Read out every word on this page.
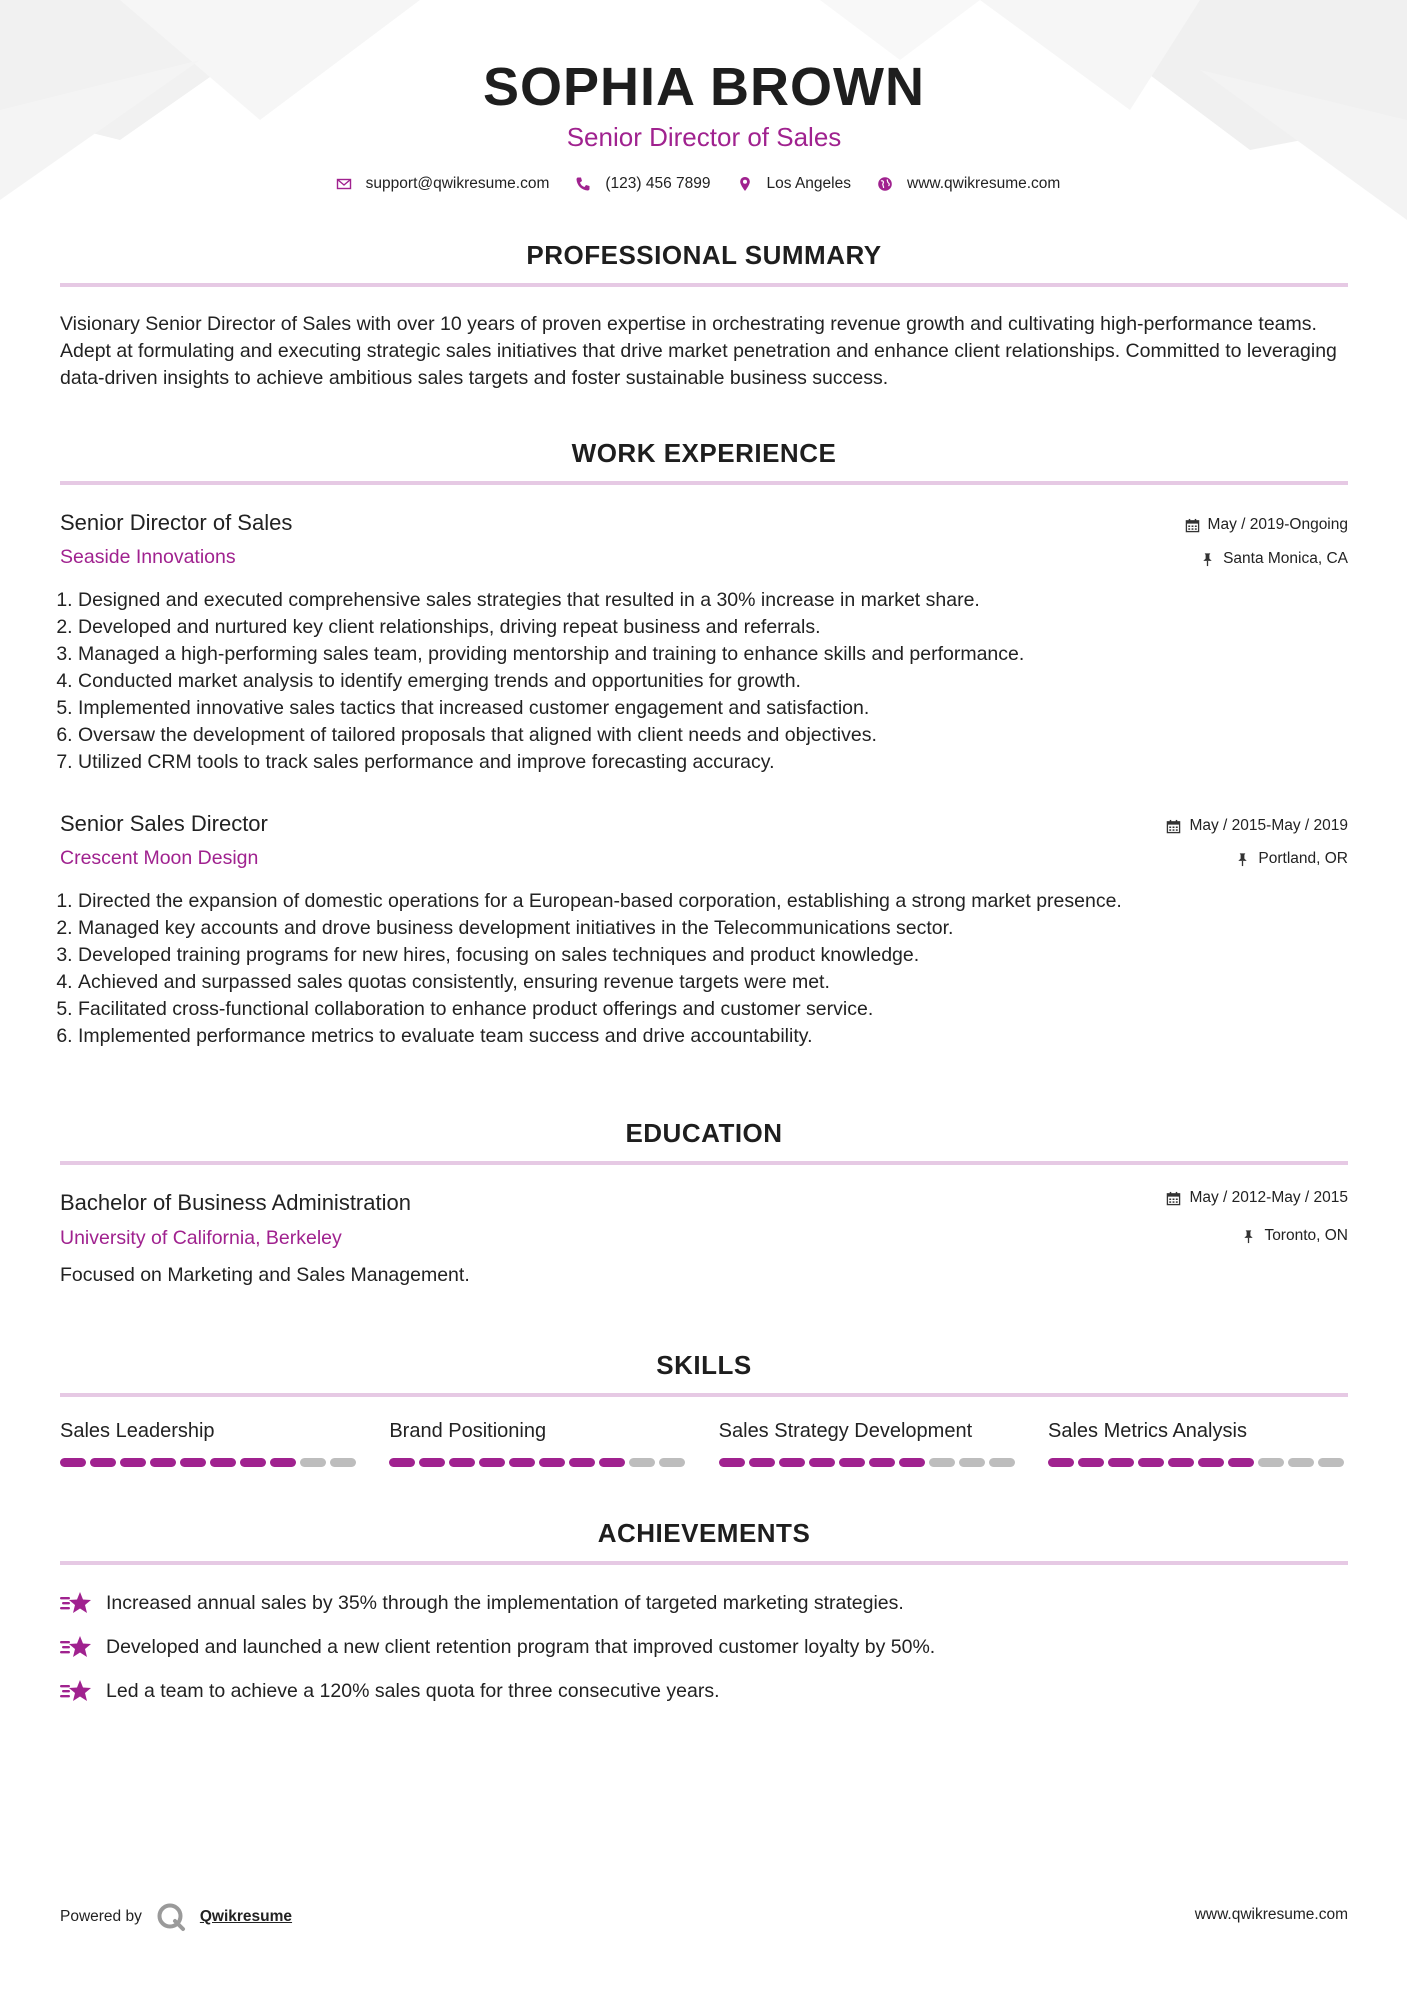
SOPHIA BROWN
Senior Director of Sales
support@qwikresume.com	(123) 456 7899	Los Angeles	www.qwikresume.com
PROFESSIONAL SUMMARY
Visionary Senior Director of Sales with over 10 years of proven expertise in orchestrating revenue growth and cultivating high-performance teams. Adept at formulating and executing strategic sales initiatives that drive market penetration and enhance client relationships. Committed to leveraging data-driven insights to achieve ambitious sales targets and foster sustainable business success.
WORK EXPERIENCE
Senior Director of Sales
Seaside Innovations
May / 2019-Ongoing
Santa Monica, CA
1. Designed and executed comprehensive sales strategies that resulted in a 30% increase in market share.
2. Developed and nurtured key client relationships, driving repeat business and referrals.
3. Managed a high-performing sales team, providing mentorship and training to enhance skills and performance.
4. Conducted market analysis to identify emerging trends and opportunities for growth.
5. Implemented innovative sales tactics that increased customer engagement and satisfaction.
6. Oversaw the development of tailored proposals that aligned with client needs and objectives.
7. Utilized CRM tools to track sales performance and improve forecasting accuracy.
Senior Sales Director
Crescent Moon Design
May / 2015-May / 2019
Portland, OR
1. Directed the expansion of domestic operations for a European-based corporation, establishing a strong market presence.
2. Managed key accounts and drove business development initiatives in the Telecommunications sector.
3. Developed training programs for new hires, focusing on sales techniques and product knowledge.
4. Achieved and surpassed sales quotas consistently, ensuring revenue targets were met.
5. Facilitated cross-functional collaboration to enhance product offerings and customer service.
6. Implemented performance metrics to evaluate team success and drive accountability.
EDUCATION
Bachelor of Business Administration
University of California, Berkeley
May / 2012-May / 2015
Toronto, ON
Focused on Marketing and Sales Management.
SKILLS
Sales Leadership	Brand Positioning	Sales Strategy Development	Sales Metrics Analysis
ACHIEVEMENTS
Increased annual sales by 35% through the implementation of targeted marketing strategies.
Developed and launched a new client retention program that improved customer loyalty by 50%.
Led a team to achieve a 120% sales quota for three consecutive years.
Powered by	Qwikresume	www.qwikresume.com
